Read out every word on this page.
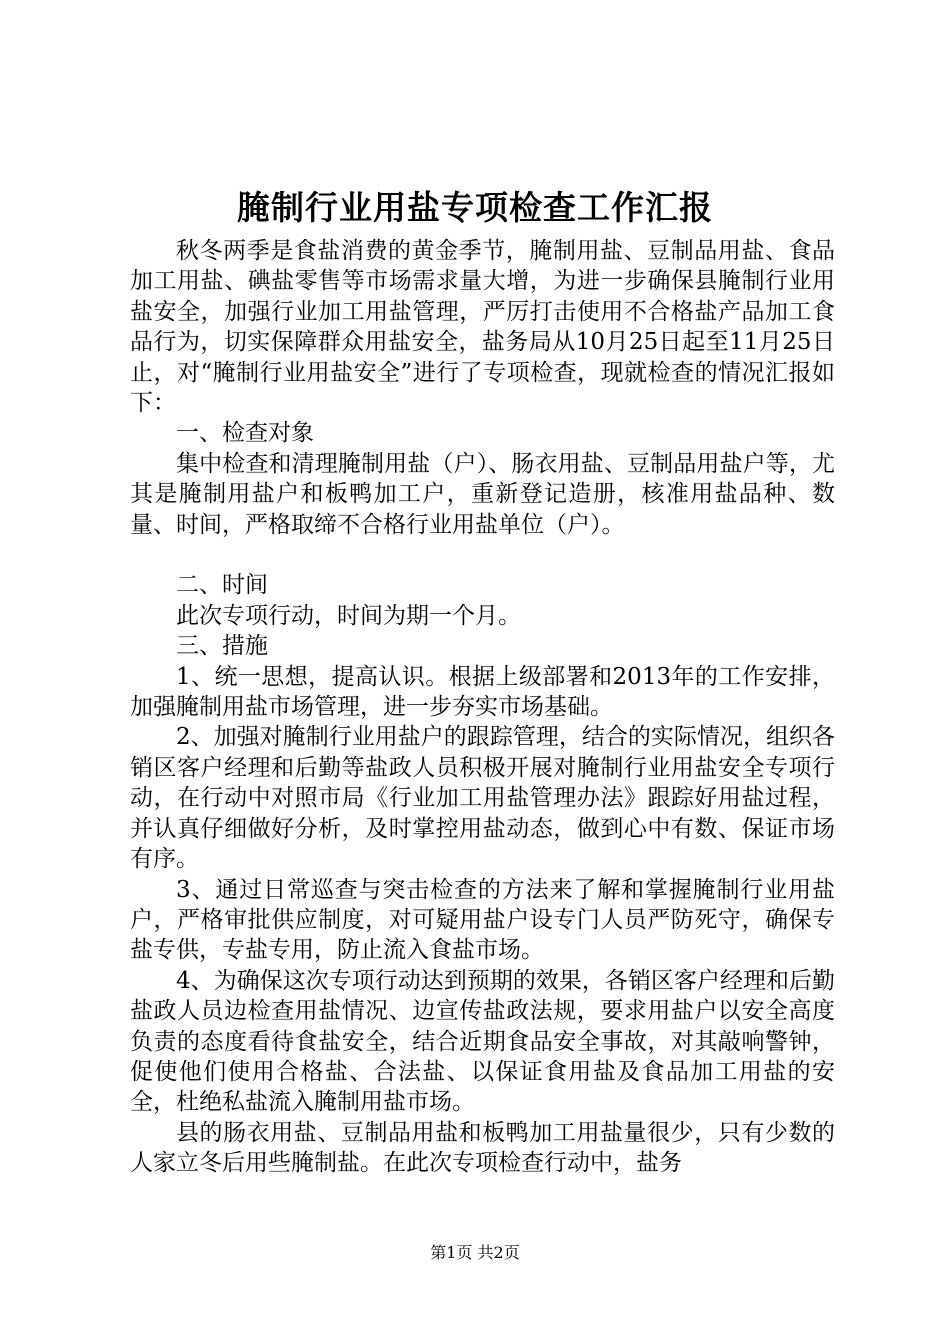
腌制行业用盐专项检查工作汇报

秋冬两季是食盐消费的黄金季节，腌制用盐、豆制品用盐、食品加工用盐、碘盐零售等市场需求量大增，为进一步确保县腌制行业用盐安全，加强行业加工用盐管理，严厉打击使用不合格盐产品加工食品行为，切实保障群众用盐安全，盐务局从10月25日起至11月25日止，对“腌制行业用盐安全”进行了专项检查，现就检查的情况汇报如下：

一、检查对象

集中检查和清理腌制用盐（户）、肠衣用盐、豆制品用盐户等，尤其是腌制用盐户和板鸭加工户，重新登记造册，核准用盐品种、数量、时间，严格取缔不合格行业用盐单位（户）。

二、时间

此次专项行动，时间为期一个月。

三、措施

1、统一思想，提高认识。根据上级部署和2013年的工作安排，加强腌制用盐市场管理，进一步夯实市场基础。

2、加强对腌制行业用盐户的跟踪管理，结合的实际情况，组织各销区客户经理和后勤等盐政人员积极开展对腌制行业用盐安全专项行动，在行动中对照市局《行业加工用盐管理办法》跟踪好用盐过程，并认真仔细做好分析，及时掌控用盐动态，做到心中有数、保证市场有序。

3、通过日常巡查与突击检查的方法来了解和掌握腌制行业用盐户，严格审批供应制度，对可疑用盐户设专门人员严防死守，确保专盐专供，专盐专用，防止流入食盐市场。

4、为确保这次专项行动达到预期的效果，各销区客户经理和后勤盐政人员边检查用盐情况、边宣传盐政法规，要求用盐户以安全高度负责的态度看待食盐安全，结合近期食品安全事故，对其敲响警钟，促使他们使用合格盐、合法盐、以保证食用盐及食品加工用盐的安全，杜绝私盐流入腌制用盐市场。

县的肠衣用盐、豆制品用盐和板鸭加工用盐量很少，只有少数的人家立冬后用些腌制盐。在此次专项检查行动中，盐务

第1页 共2页
